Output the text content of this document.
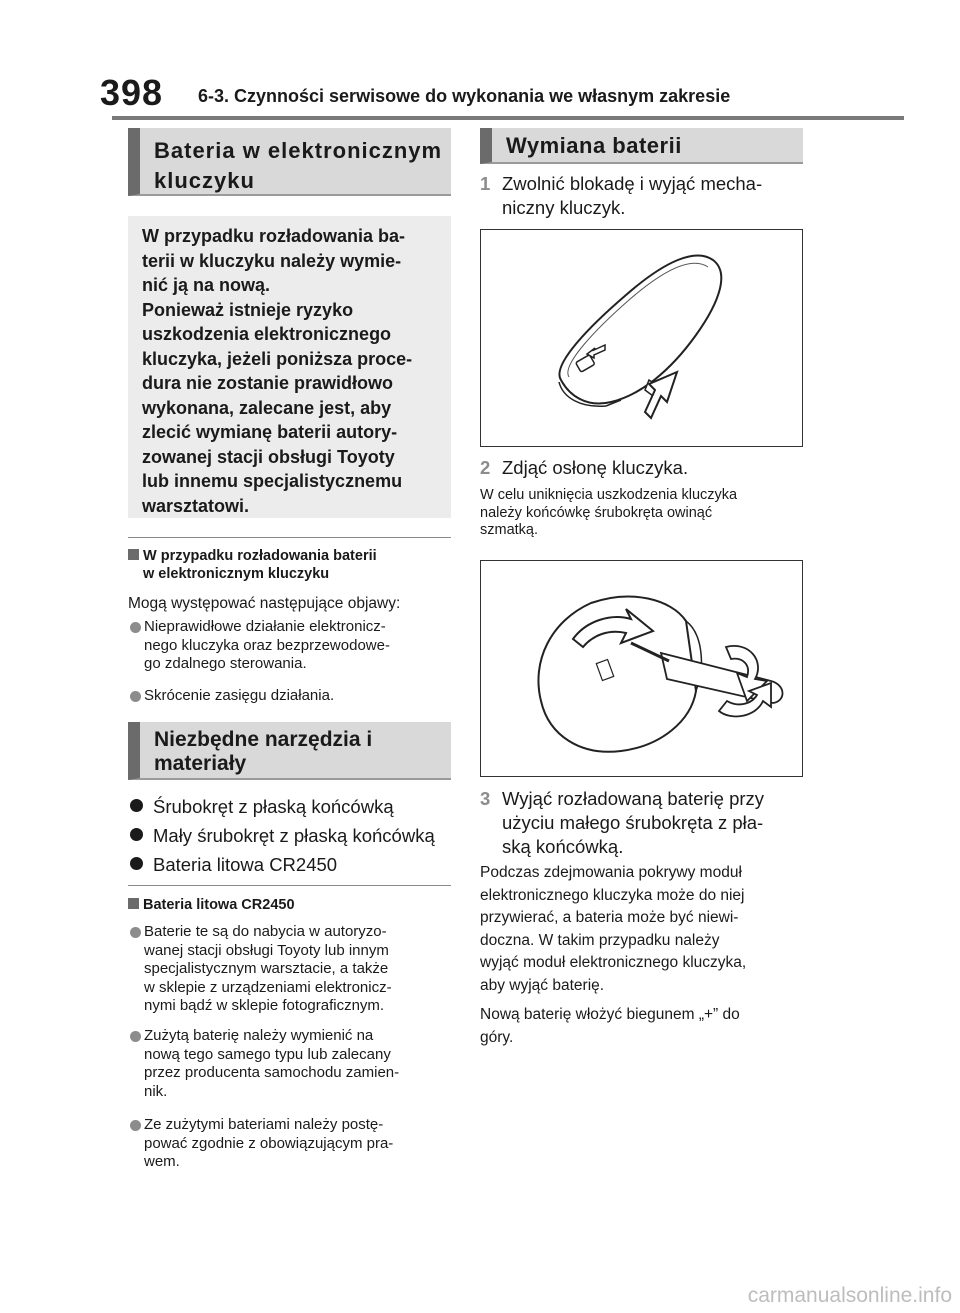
398 6-3. Czynności serwisowe do wykonania we własnym zakresie
Bateria w elektronicznym kluczyku
W przypadku rozładowania ba-
terii w kluczyku należy wymie-
nić ją na nową.
Ponieważ istnieje ryzyko
uszkodzenia elektronicznego
kluczyka, jeżeli poniższa proce-
dura nie zostanie prawidłowo
wykonana, zalecane jest, aby
zlecić wymianę baterii autory-
zowanej stacji obsługi Toyoty
lub innemu specjalistycznemu
warsztatowi.
W przypadku rozładowania baterii
w elektronicznym kluczyku
Mogą występować następujące objawy:
Nieprawidłowe działanie elektronicz-
nego kluczyka oraz bezprzewodowe-
go zdalnego sterowania.
Skrócenie zasięgu działania.
Niezbędne narzędzia i materiały
Śrubokręt z płaską końcówką
Mały śrubokręt z płaską końcówką
Bateria litowa CR2450
Bateria litowa CR2450
Baterie te są do nabycia w autoryzo-
wanej stacji obsługi Toyoty lub innym
specjalistycznym warsztacie, a także
w sklepie z urządzeniami elektronicz-
nymi bądź w sklepie fotograficznym.
Zużytą baterię należy wymienić na
nową tego samego typu lub zalecany
przez producenta samochodu zamien-
nik.
Ze zużytymi bateriami należy postę-
pować zgodnie z obowiązującym pra-
wem.
Wymiana baterii
1 Zwolnić blokadę i wyjąć mecha-
niczny kluczyk.
2 Zdjąć osłonę kluczyka.
W celu uniknięcia uszkodzenia kluczyka
należy końcówkę śrubokręta owinąć
szmatką.
3 Wyjąć rozładowaną baterię przy
użyciu małego śrubokręta z pła-
ską końcówką.
Podczas zdejmowania pokrywy moduł
elektronicznego kluczyka może do niej
przywierać, a bateria może być niewi-
doczna. W takim przypadku należy
wyjąć moduł elektronicznego kluczyka,
aby wyjąć baterię.
Nową baterię włożyć biegunem „+” do
góry.
carmanualsonline.info
